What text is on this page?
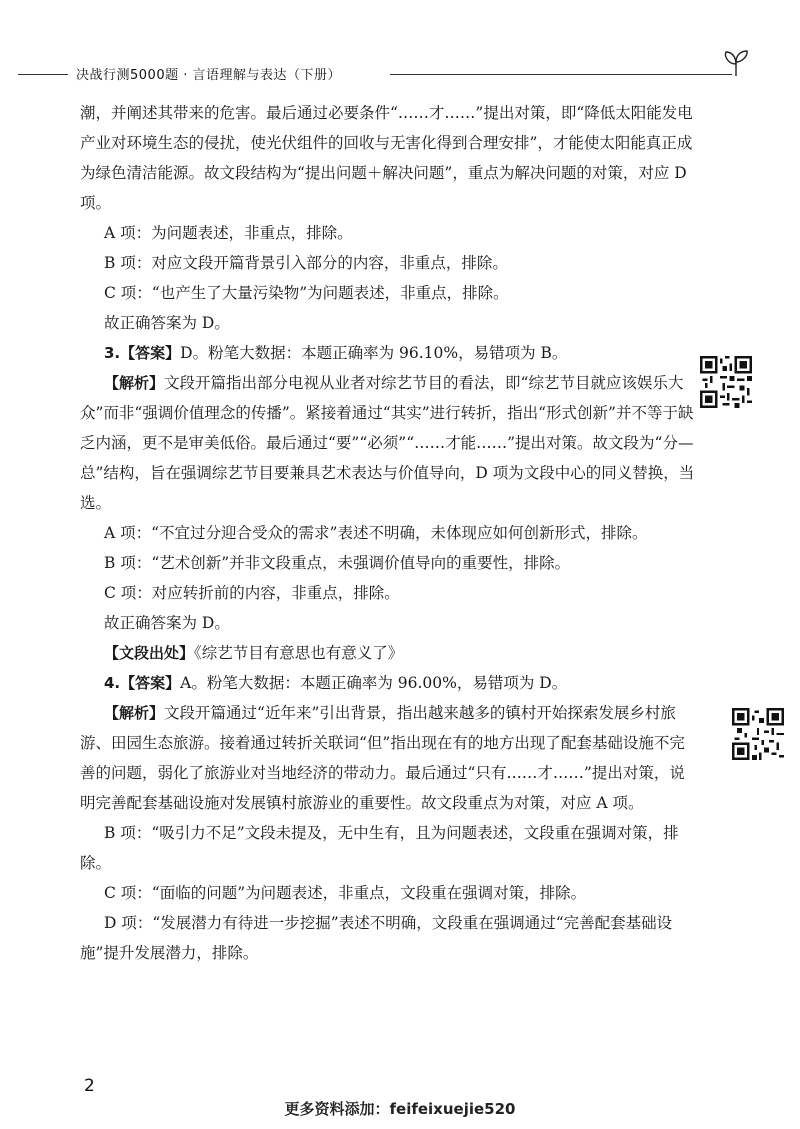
决战行测5000题 · 言语理解与表达（下册）

潮，并阐述其带来的危害。最后通过必要条件“……才……”提出对策，即“降低太阳能发电产业对环境生态的侵扰，使光伏组件的回收与无害化得到合理安排”，才能使太阳能真正成为绿色清洁能源。故文段结构为“提出问题＋解决问题”，重点为解决问题的对策，对应 D 项。

A 项：为问题表述，非重点，排除。

B 项：对应文段开篇背景引入部分的内容，非重点，排除。

C 项：“也产生了大量污染物”为问题表述，非重点，排除。

故正确答案为 D。

3.【答案】D。粉笔大数据：本题正确率为 96.10%，易错项为 B。

【解析】文段开篇指出部分电视从业者对综艺节目的看法，即“综艺节目就应该娱乐大众”而非“强调价值理念的传播”。紧接着通过“其实”进行转折，指出“形式创新”并不等于缺乏内涵，更不是审美低俗。最后通过“要”“必须”“……才能……”提出对策。故文段为“分—总”结构，旨在强调综艺节目要兼具艺术表达与价值导向，D 项为文段中心的同义替换，当选。

A 项：“不宜过分迎合受众的需求”表述不明确，未体现应如何创新形式，排除。

B 项：“艺术创新”并非文段重点，未强调价值导向的重要性，排除。

C 项：对应转折前的内容，非重点，排除。

故正确答案为 D。

【文段出处】《综艺节目有意思也有意义了》

4.【答案】A。粉笔大数据：本题正确率为 96.00%，易错项为 D。

【解析】文段开篇通过“近年来”引出背景，指出越来越多的镇村开始探索发展乡村旅游、田园生态旅游。接着通过转折关联词“但”指出现在有的地方出现了配套基础设施不完善的问题，弱化了旅游业对当地经济的带动力。最后通过“只有……才……”提出对策，说明完善配套基础设施对发展镇村旅游业的重要性。故文段重点为对策，对应 A 项。

B 项：“吸引力不足”文段未提及，无中生有，且为问题表述，文段重在强调对策，排除。

C 项：“面临的问题”为问题表述，非重点，文段重在强调对策，排除。

D 项：“发展潜力有待进一步挖掘”表述不明确，文段重在强调通过“完善配套基础设施”提升发展潜力，排除。

2
更多资料添加：feifeixuejie520
